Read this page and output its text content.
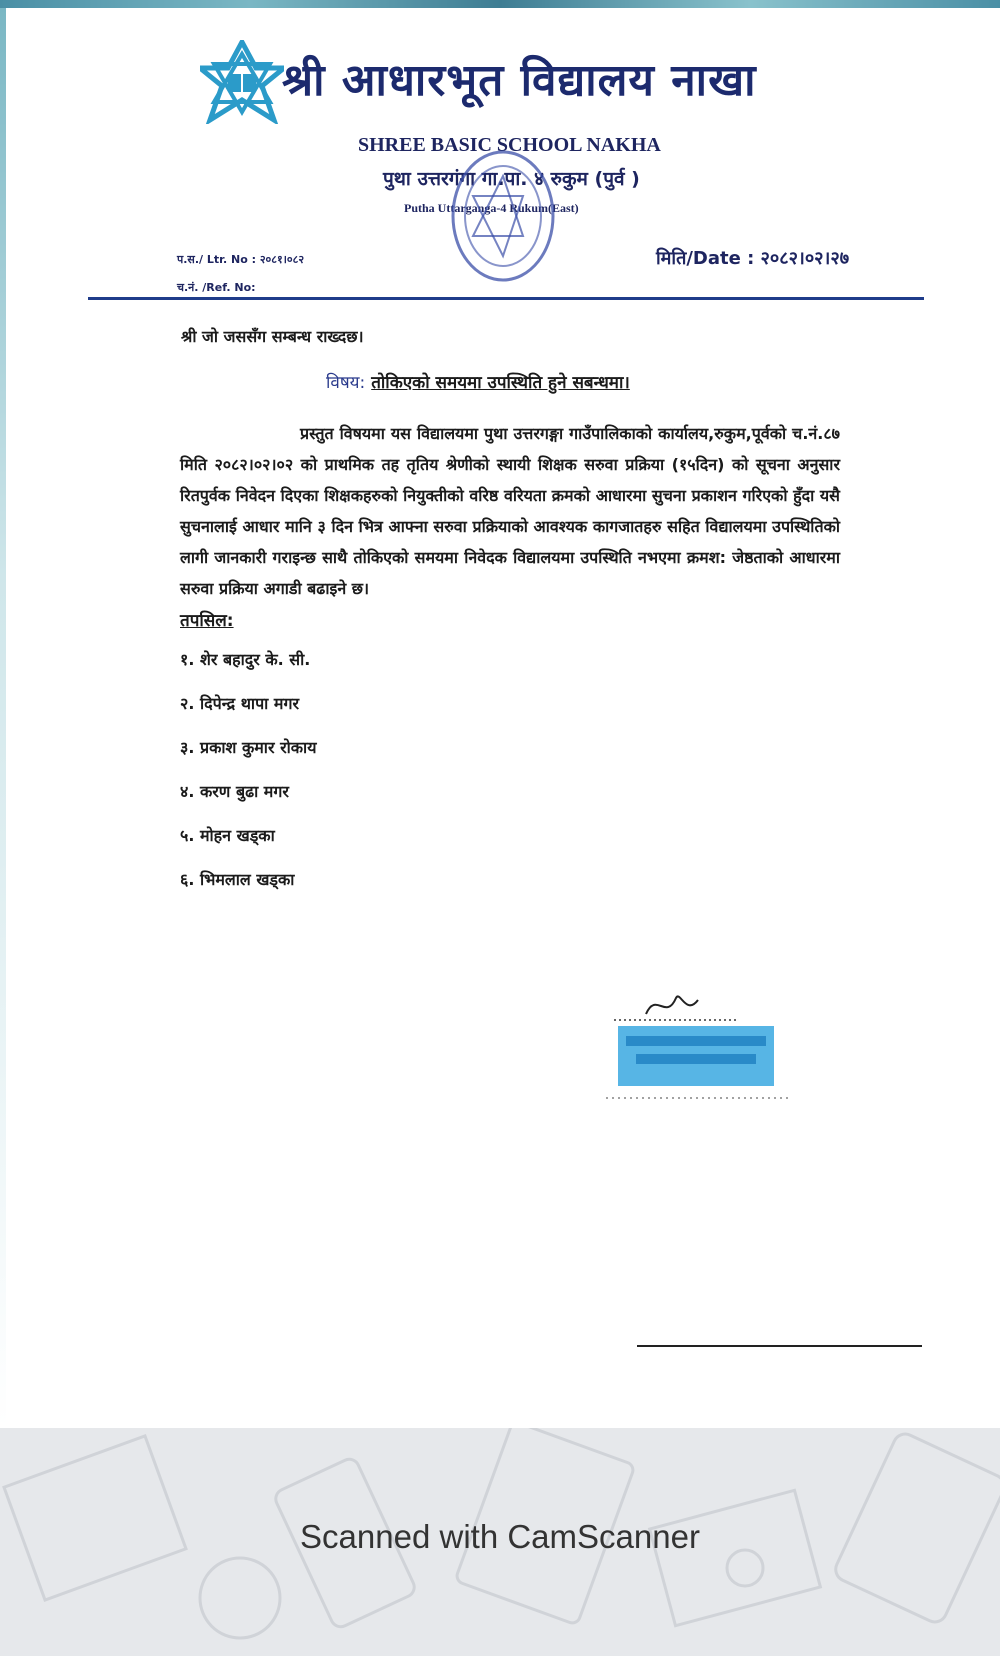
श्री आधारभूत विद्यालय नाखा
SHREE BASIC SCHOOL NAKHA
पुथा उत्तरगंगा गा.पा. ४ रुकुम (पुर्व )
Putha Uttarganga-4 Rukum(East)
प.स./ Ltr. No : २०८१।०८२
च.नं. /Ref. No:
मिति/Date : २०८२।०२।२७
श्री जो जससँग सम्बन्ध राख्दछ।
विषय: तोकिएको समयमा उपस्थिति हुने सबन्धमा।
प्रस्तुत विषयमा यस विद्यालयमा पुथा उत्तरगङ्गा गाउँपालिकाको कार्यालय,रुकुम,पूर्वको च.नं.८७ मिति २०८२।०२।०२ को प्राथमिक तह तृतिय श्रेणीको स्थायी शिक्षक सरुवा प्रक्रिया (१५दिन) को सूचना अनुसार रितपुर्वक निवेदन दिएका शिक्षकहरुको नियुक्तीको वरिष्ठ वरियता क्रमको आधारमा सुचना प्रकाशन गरिएको हुँदा यसै सुचनालाई आधार मानि ३ दिन भित्र आफ्ना सरुवा प्रक्रियाको आवश्यक कागजातहरु सहित विद्यालयमा उपस्थितिको लागी जानकारी गराइन्छ साथै तोकिएको समयमा निवेदक विद्यालयमा उपस्थिति नभएमा क्रमश: जेष्ठताको आधारमा सरुवा प्रक्रिया अगाडी बढाइने छ।
तपसिल:
१. शेर बहादुर के. सी.
२. दिपेन्द्र थापा मगर
३. प्रकाश कुमार रोकाय
४. करण बुढा मगर
५. मोहन खड्का
६. भिमलाल खड्का
Scanned with CamScanner
